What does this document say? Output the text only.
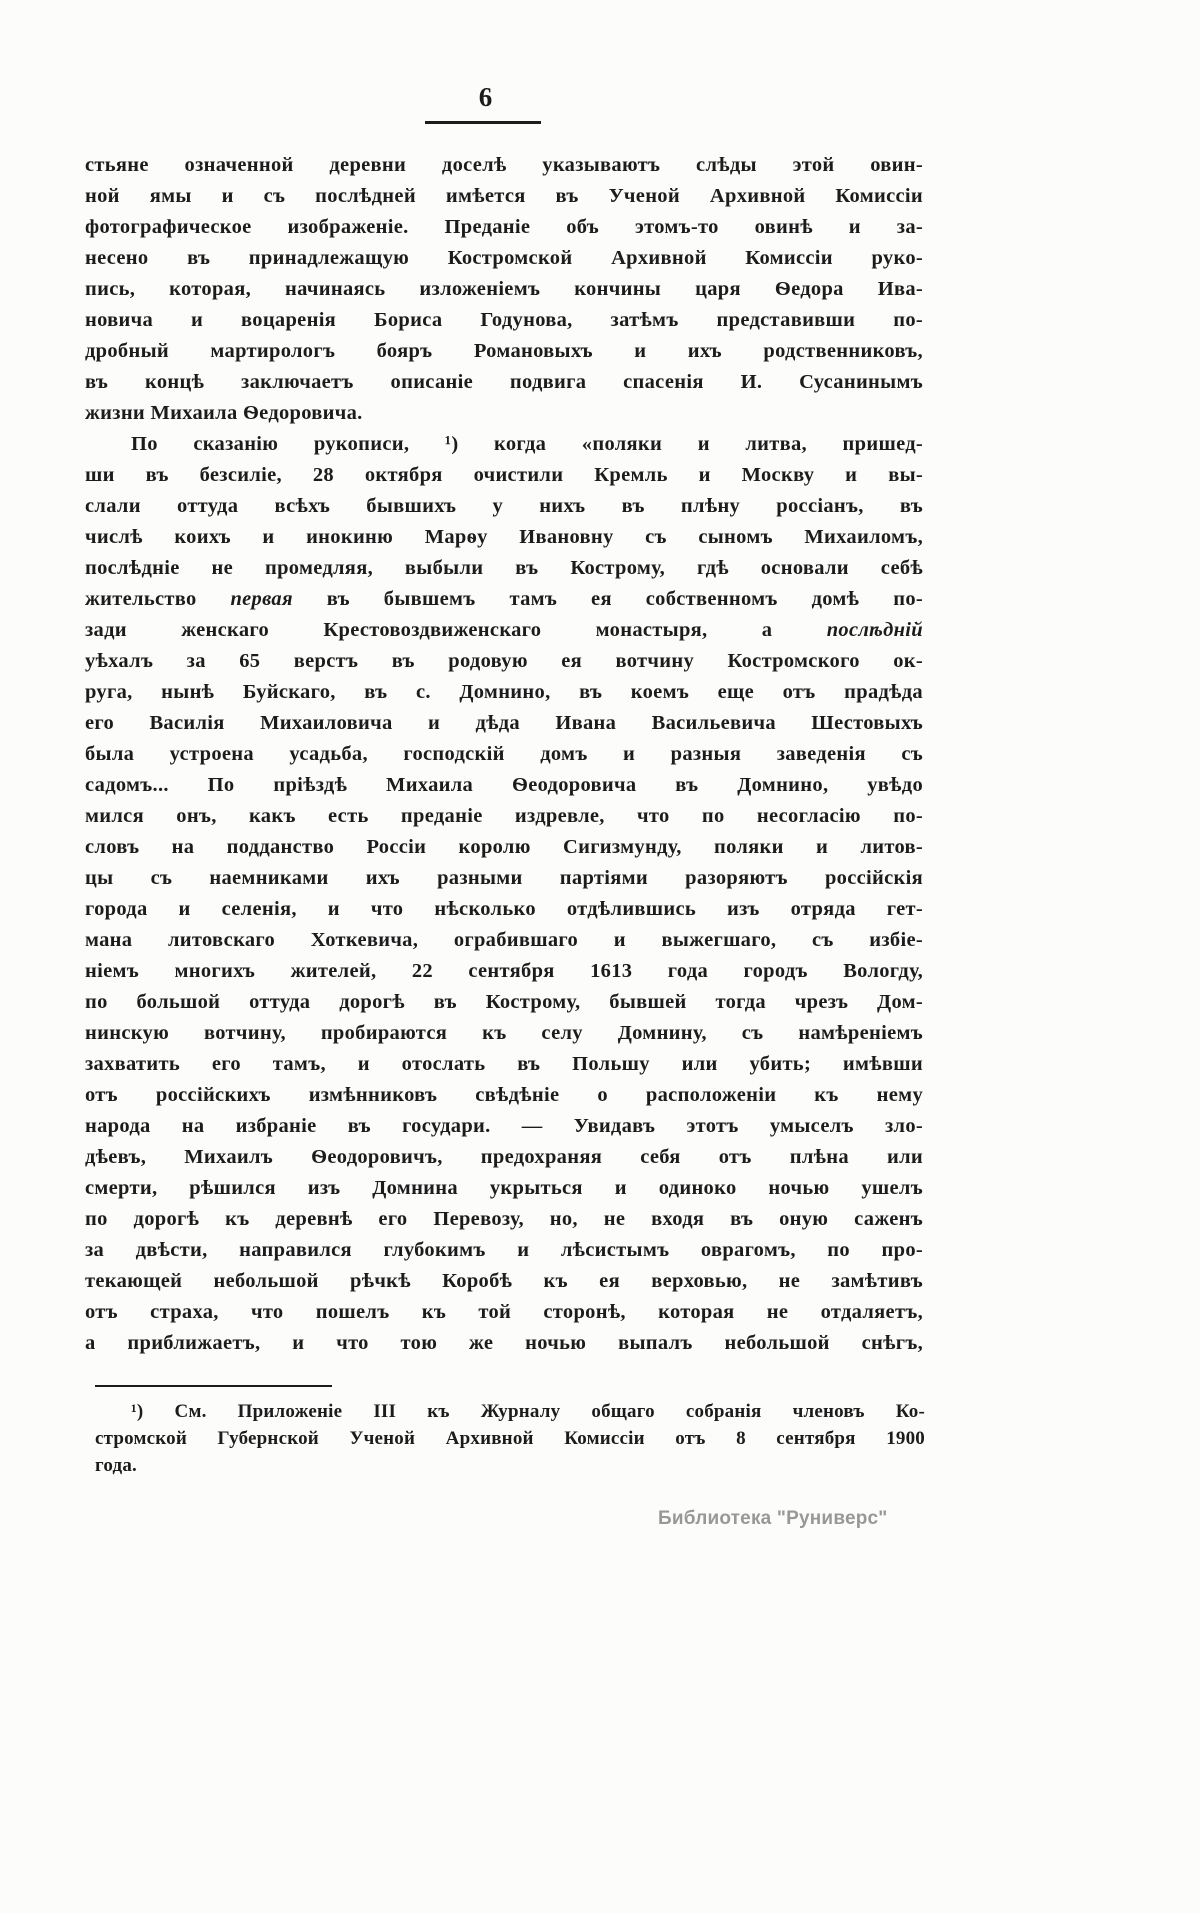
6
стьяне означенной деревни доселѣ указываютъ слѣды этой овин-
ной ямы и съ послѣдней имѣется въ Ученой Архивной Комиссіи
фотографическое изображеніе. Преданіе объ этомъ-то овинѣ и за-
несено въ принадлежащую Костромской Архивной Комиссіи руко-
пись, которая, начинаясь изложеніемъ кончины царя Ѳедора Ива-
новича и воцаренія Бориса Годунова, затѣмъ представивши по-
дробный мартирологъ бояръ Романовыхъ и ихъ родственниковъ,
въ концѣ заключаетъ описаніе подвига спасенія И. Сусанинымъ
жизни Михаила Ѳедоровича.
По сказанію рукописи, ¹) когда «поляки и литва, пришед-
ши въ безсиліе, 28 октября очистили Кремль и Москву и вы-
слали оттуда всѣхъ бывшихъ у нихъ въ плѣну россіанъ, въ
числѣ коихъ и инокиню Марѳу Ивановну съ сыномъ Михаиломъ,
послѣдніе не промедляя, выбыли въ Кострому, гдѣ основали себѣ
жительство первая въ бывшемъ тамъ ея собственномъ домѣ по-
зади женскаго Крестовоздвиженскаго монастыря, а послѣдній
уѣхалъ за 65 верстъ въ родовую ея вотчину Костромского ок-
руга, нынѣ Буйскаго, въ с. Домнино, въ коемъ еще отъ прадѣда
его Василія Михаиловича и дѣда Ивана Васильевича Шестовыхъ
была устроена усадьба, господскій домъ и разныя заведенія съ
садомъ... По пріѣздѣ Михаила Ѳеодоровича въ Домнино, увѣдо
мился онъ, какъ есть преданіе издревле, что по несогласію по-
словъ на подданство Россіи королю Сигизмунду, поляки и литов-
цы съ наемниками ихъ разными партіями разоряютъ россійскія
города и селенія, и что нѣсколько отдѣлившись изъ отряда гет-
мана литовскаго Хоткевича, ограбившаго и выжегшаго, съ избіе-
ніемъ многихъ жителей, 22 сентября 1613 года городъ Вологду,
по большой оттуда дорогѣ въ Кострому, бывшей тогда чрезъ Дом-
нинскую вотчину, пробираются къ селу Домнину, съ намѣреніемъ
захватить его тамъ, и отослать въ Польшу или убить; имѣвши
отъ россійскихъ измѣнниковъ свѣдѣніе о расположеніи къ нему
народа на избраніе въ государи. — Увидавъ этотъ умыселъ зло-
дѣевъ, Михаилъ Ѳеодоровичъ, предохраняя себя отъ плѣна или
смерти, рѣшился изъ Домнина укрыться и одиноко ночью ушелъ
по дорогѣ къ деревнѣ его Перевозу, но, не входя въ оную саженъ
за двѣсти, направился глубокимъ и лѣсистымъ оврагомъ, по про-
текающей небольшой рѣчкѣ Коробѣ къ ея верховью, не замѣтивъ
отъ страха, что пошелъ къ той сторонѣ, которая не отдаляетъ,
а приближаетъ, и что тою же ночью выпалъ небольшой снѣгъ,
¹) См. Приложеніе III къ Журналу общаго собранія членовъ Ко-
стромской Губернской Ученой Архивной Комиссіи отъ 8 сентября 1900
года.
Библиотека "Руниверс"
